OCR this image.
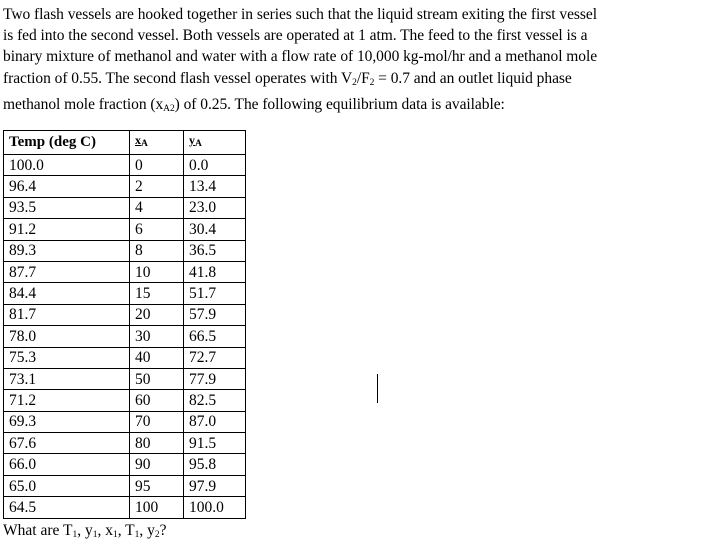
Two flash vessels are hooked together in series such that the liquid stream exiting the first vessel
is fed into the second vessel. Both vessels are operated at 1 atm. The feed to the first vessel is a
binary mixture of methanol and water with a flow rate of 10,000 kg-mol/hr and a methanol mole
fraction of 0.55. The second flash vessel operates with $V_2/F_2 = 0.7$ and an outlet liquid phase
methanol mole fraction $(x_{A2})$ of 0.25. The following equilibrium data is available:
Temp (deg C)	$x_A$	$y_A$
100.0	0	0.0
96.4	2	13.4
93.5	4	23.0
91.2	6	30.4
89.3	8	36.5
87.7	10	41.8
84.4	15	51.7
81.7	20	57.9
78.0	30	66.5
75.3	40	72.7
73.1	50	77.9
71.2	60	82.5
69.3	70	87.0
67.6	80	91.5
66.0	90	95.8
65.0	95	97.9
64.5	100	100.0
What are $T_1$, $y_1$, $x_1$, $T_1$, $y_2$?
